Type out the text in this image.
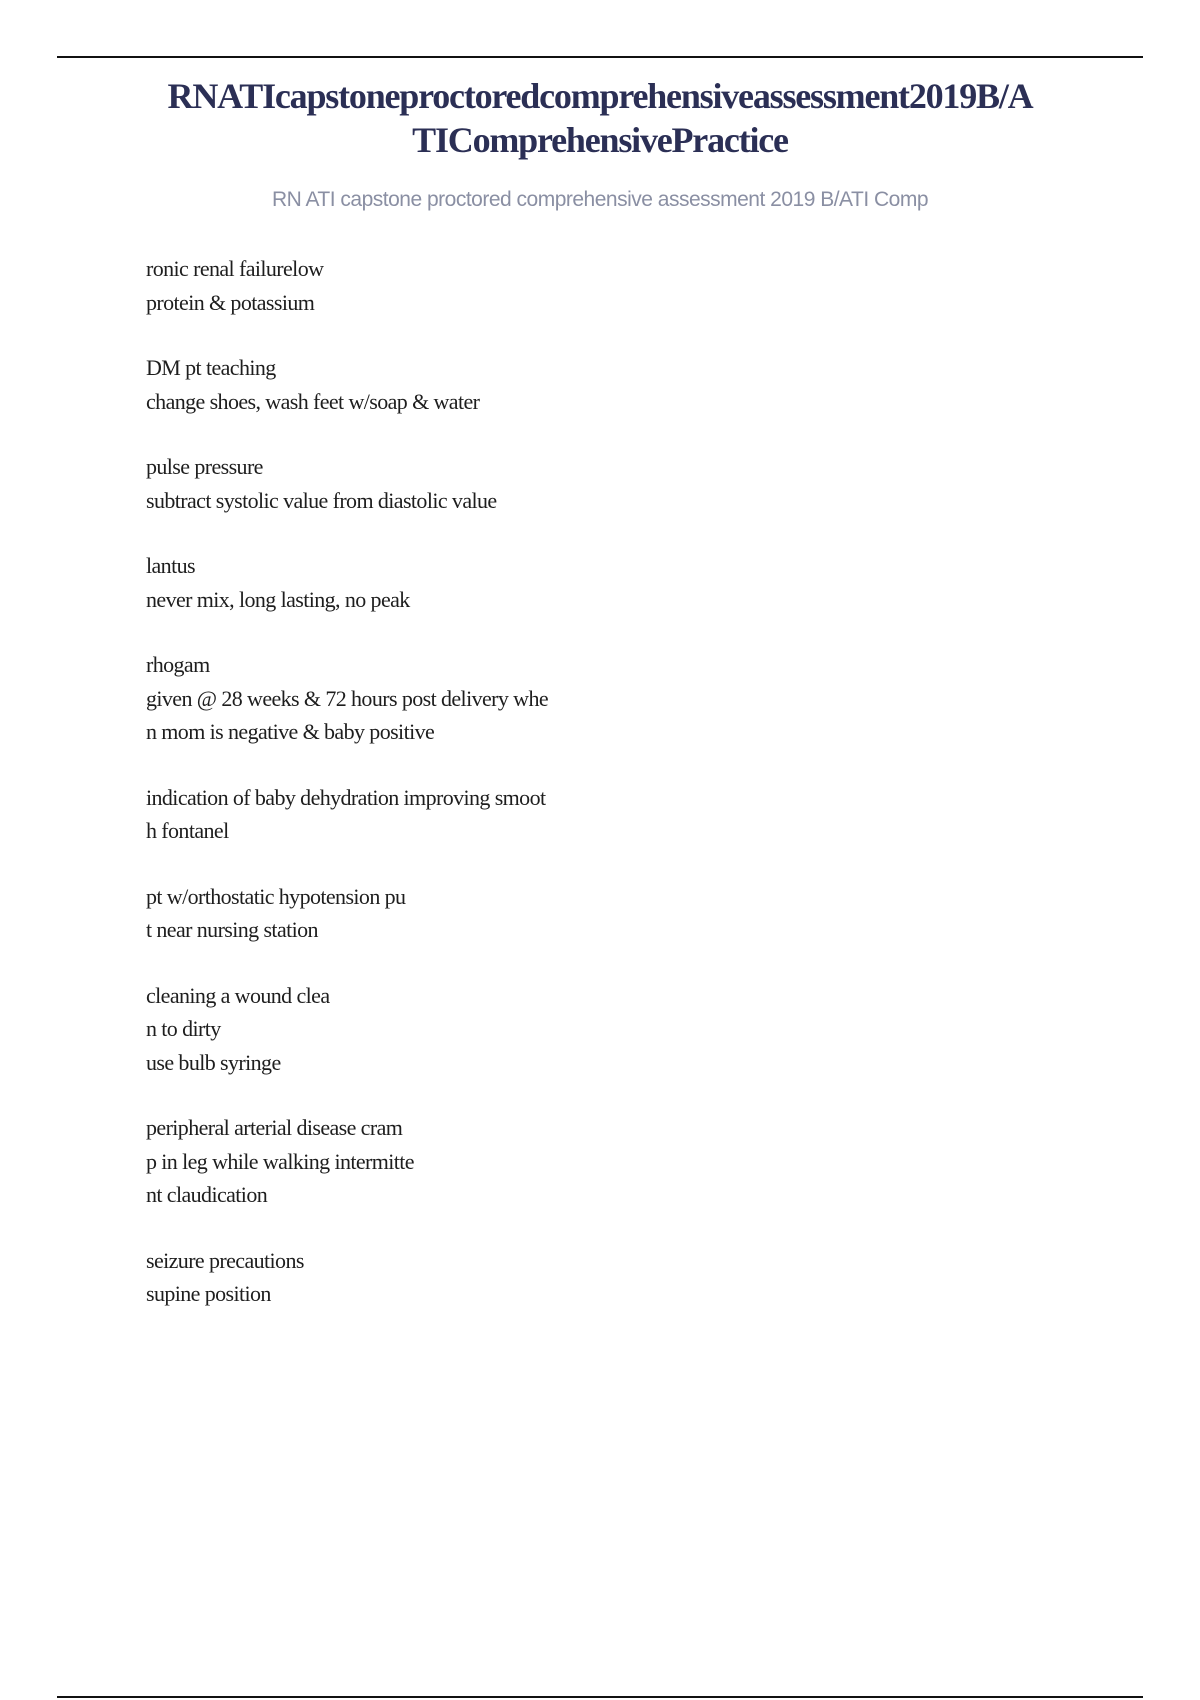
RNATIcapstoneproctoredcomprehensiveassessment2019B/A
TIComprehensivePractice

RN ATI capstone proctored comprehensive assessment 2019 B/ATI Comp

ronic renal failurelow
protein & potassium
DM pt teaching
change shoes, wash feet w/soap & water
pulse pressure
subtract systolic value from diastolic value
lantus
never mix, long lasting, no peak
rhogam
given @ 28 weeks & 72 hours post delivery whe
n mom is negative & baby positive
indication of baby dehydration improving smoot
h fontanel
pt w/orthostatic hypotension pu
t near nursing station
cleaning a wound clea
n to dirty
use bulb syringe
peripheral arterial disease cram
p in leg while walking intermitte
nt claudication
seizure precautions
supine position
